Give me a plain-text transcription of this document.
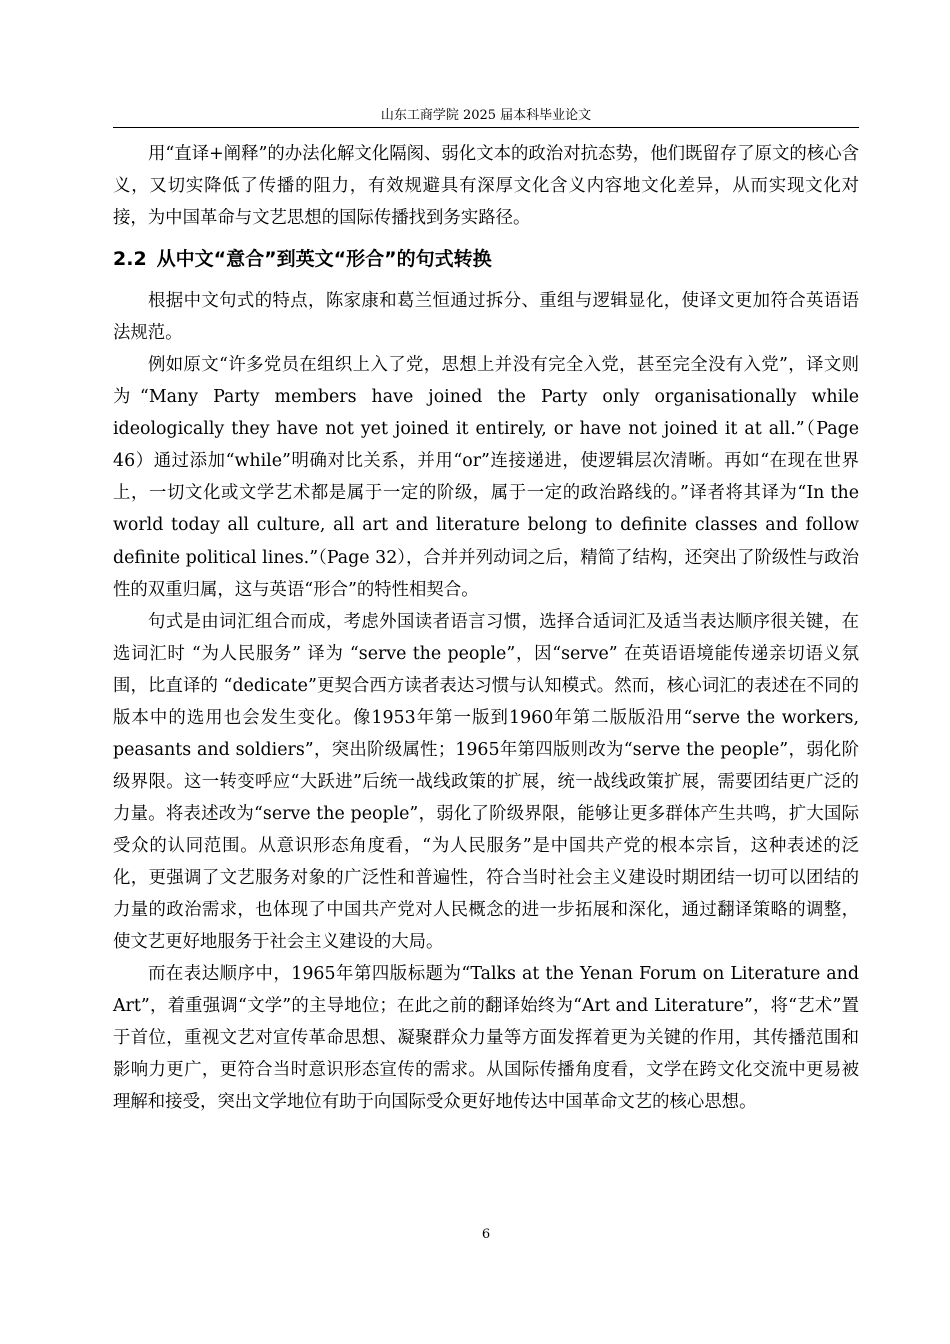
山东工商学院 2025 届本科毕业论文

用“直译+阐释”的办法化解文化隔阂、弱化文本的政治对抗态势，他们既留存了原文的核心含义，又切实降低了传播的阻力，有效规避具有深厚文化含义内容地文化差异，从而实现文化对接，为中国革命与文艺思想的国际传播找到务实路径。

2.2 从中文“意合”到英文“形合”的句式转换

根据中文句式的特点，陈家康和葛兰恒通过拆分、重组与逻辑显化，使译文更加符合英语语法规范。

例如原文“许多党员在组织上入了党，思想上并没有完全入党，甚至完全没有入党”，译文则为“Many Party members have joined the Party only organisationally while ideologically they have not yet joined it entirely, or have not joined it at all.”（Page 46）通过添加“while”明确对比关系，并用“or”连接递进，使逻辑层次清晰。再如“在现在世界上，一切文化或文学艺术都是属于一定的阶级，属于一定的政治路线的。”译者将其译为“In the world today all culture, all art and literature belong to definite classes and follow definite political lines.”（Page 32），合并并列动词之后，精简了结构，还突出了阶级性与政治性的双重归属，这与英语“形合”的特性相契合。

句式是由词汇组合而成，考虑外国读者语言习惯，选择合适词汇及适当表达顺序很关键，在选词汇时 “为人民服务” 译为 “serve the people”，因“serve” 在英语语境能传递亲切语义氛围，比直译的 “dedicate”更契合西方读者表达习惯与认知模式。然而，核心词汇的表述在不同的版本中的选用也会发生变化。像1953年第一版到1960年第二版版沿用“serve the workers, peasants and soldiers”，突出阶级属性；1965年第四版则改为“serve the people”，弱化阶级界限。这一转变呼应“大跃进”后统一战线政策的扩展，统一战线政策扩展，需要团结更广泛的力量。将表述改为“serve the people”，弱化了阶级界限，能够让更多群体产生共鸣，扩大国际受众的认同范围。从意识形态角度看，“为人民服务”是中国共产党的根本宗旨，这种表述的泛化，更强调了文艺服务对象的广泛性和普遍性，符合当时社会主义建设时期团结一切可以团结的力量的政治需求，也体现了中国共产党对人民概念的进一步拓展和深化，通过翻译策略的调整，使文艺更好地服务于社会主义建设的大局。

而在表达顺序中，1965年第四版标题为“Talks at the Yenan Forum on Literature and Art”，着重强调“文学”的主导地位；在此之前的翻译始终为“Art and Literature”，将“艺术”置于首位，重视文艺对宣传革命思想、凝聚群众力量等方面发挥着更为关键的作用，其传播范围和影响力更广，更符合当时意识形态宣传的需求。从国际传播角度看，文学在跨文化交流中更易被理解和接受，突出文学地位有助于向国际受众更好地传达中国革命文艺的核心思想。

6
